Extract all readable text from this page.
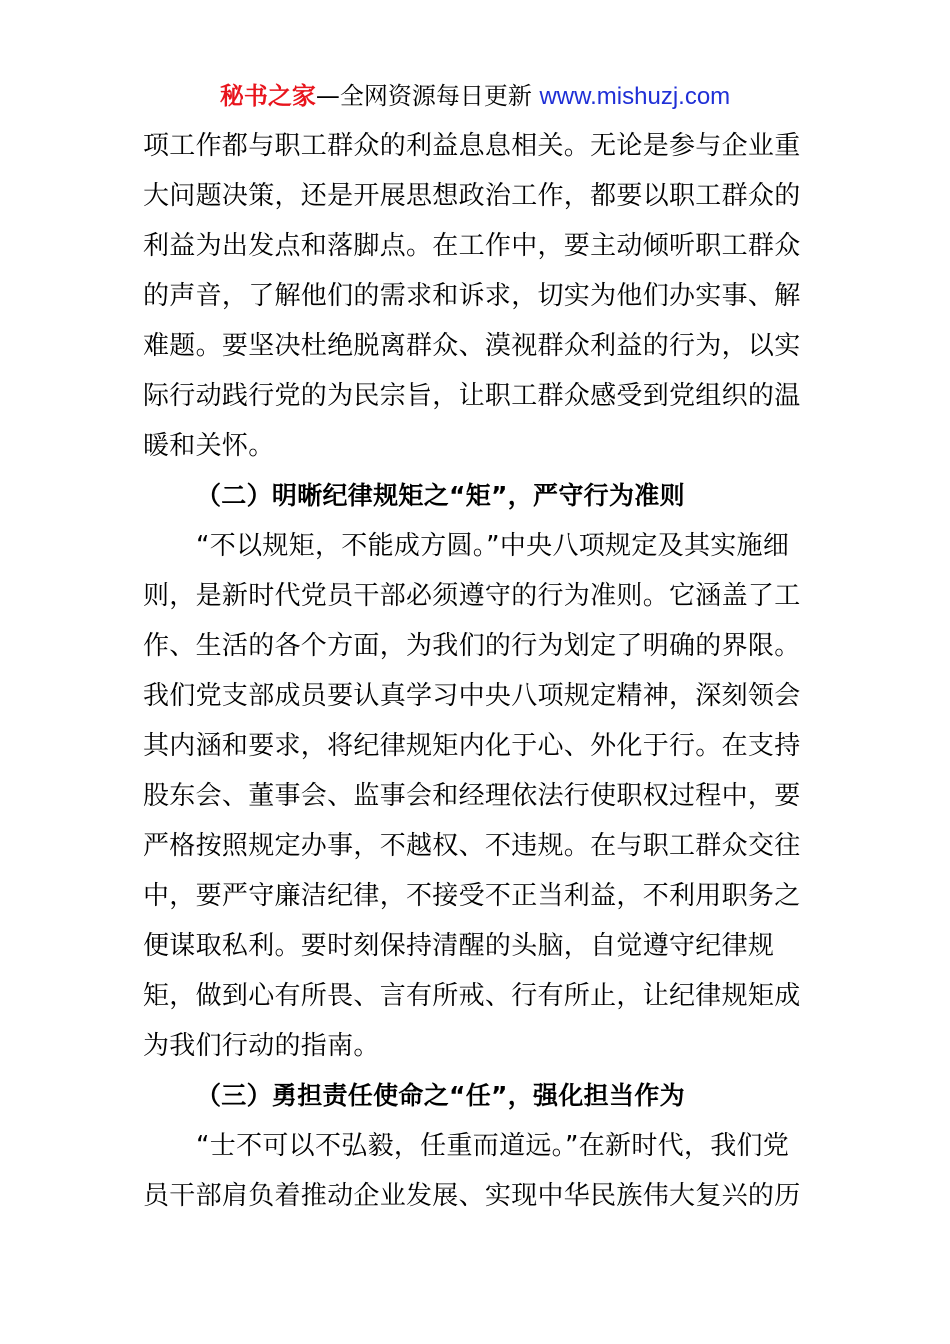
秘书之家—全网资源每日更新 www.mishuzj.com
项工作都与职工群众的利益息息相关。无论是参与企业重
大问题决策，还是开展思想政治工作，都要以职工群众的
利益为出发点和落脚点。在工作中，要主动倾听职工群众
的声音，了解他们的需求和诉求，切实为他们办实事、解
难题。要坚决杜绝脱离群众、漠视群众利益的行为，以实
际行动践行党的为民宗旨，让职工群众感受到党组织的温
暖和关怀。
（二）明晰纪律规矩之“矩”，严守行为准则
“不以规矩，不能成方圆。”中央八项规定及其实施细
则，是新时代党员干部必须遵守的行为准则。它涵盖了工
作、生活的各个方面，为我们的行为划定了明确的界限。
我们党支部成员要认真学习中央八项规定精神，深刻领会
其内涵和要求，将纪律规矩内化于心、外化于行。在支持
股东会、董事会、监事会和经理依法行使职权过程中，要
严格按照规定办事，不越权、不违规。在与职工群众交往
中，要严守廉洁纪律，不接受不正当利益，不利用职务之
便谋取私利。要时刻保持清醒的头脑，自觉遵守纪律规
矩，做到心有所畏、言有所戒、行有所止，让纪律规矩成
为我们行动的指南。
（三）勇担责任使命之“任”，强化担当作为
“士不可以不弘毅，任重而道远。”在新时代，我们党
员干部肩负着推动企业发展、实现中华民族伟大复兴的历
